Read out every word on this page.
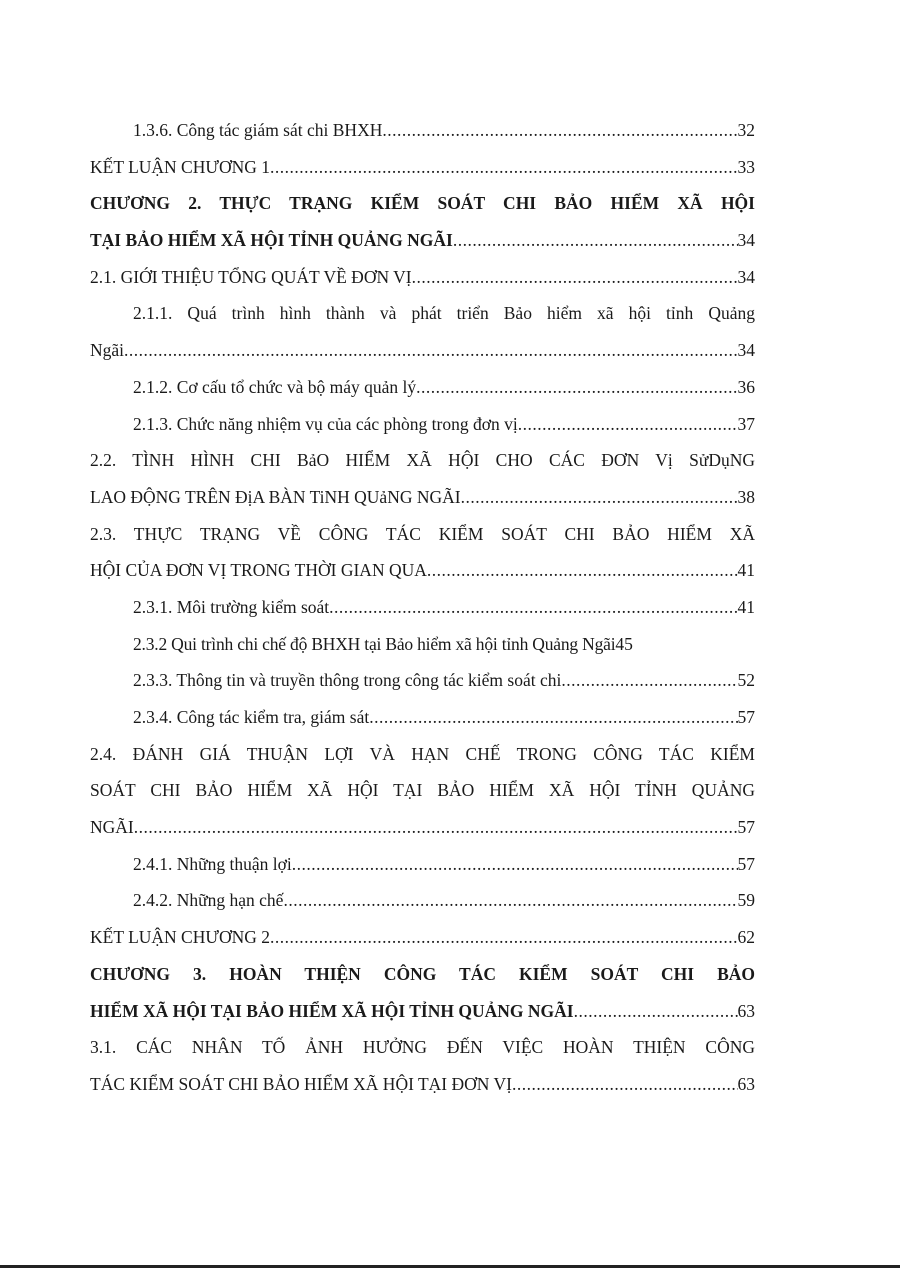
1.3.6. Công tác giám sát chi BHXH .....	32
KẾT LUẬN CHƯƠNG 1 .....	33
CHƯƠNG 2. THỰC TRẠNG KIỂM SOÁT CHI BẢO HIỂM XÃ HỘI
TẠI BẢO HIỂM XÃ HỘI TỈNH QUẢNG NGÃI .....	34
2.1. GIỚI THIỆU TỔNG QUÁT VỀ ĐƠN VỊ .....	34
2.1.1. Quá trình hình thành và phát triển Bảo hiểm xã hội tỉnh Quảng
Ngãi .....	34
2.1.2. Cơ cấu tổ chức và bộ máy quản lý .....	36
2.1.3. Chức năng nhiệm vụ của các phòng trong đơn vị .....	37
2.2. TÌNH HÌNH CHI BảO HIỂM XÃ HỘI CHO CÁC ĐƠN Vị SửDụNG
LAO ĐỘNG TRÊN ĐịA BÀN TiNH QUảNG NGÃI .....	38
2.3. THỰC TRẠNG VỀ CÔNG TÁC KIỂM SOÁT CHI BẢO HIỂM XÃ
HỘI CỦA ĐƠN VỊ TRONG THỜI GIAN QUA .....	41
2.3.1. Môi trường kiểm soát .....	41
2.3.2 Qui trình chi chế độ BHXH tại Bảo hiểm xã hội tỉnh Quảng Ngãi 45
2.3.3. Thông tin và truyền thông trong công tác kiểm soát chi .....	52
2.3.4. Công tác kiểm tra, giám sát .....	57
2.4. ĐÁNH GIÁ THUẬN LỢI VÀ HẠN CHẾ TRONG CÔNG TÁC KIỂM
SOÁT CHI BẢO HIỂM XÃ HỘI TẠI BẢO HIỂM XÃ HỘI TỈNH QUẢNG
NGÃI .....	57
2.4.1. Những thuận lợi .....	57
2.4.2. Những hạn chế .....	59
KẾT LUẬN CHƯƠNG 2 .....	62
CHƯƠNG 3. HOÀN THIỆN CÔNG TÁC KIỂM SOÁT CHI BẢO
HIỂM XÃ HỘI TẠI BẢO HIỂM XÃ HỘI TỈNH QUẢNG NGÃI .....	63
3.1. CÁC NHÂN TỐ ẢNH HƯỞNG ĐẾN VIỆC HOÀN THIỆN CÔNG
TÁC KIỂM SOÁT CHI BẢO HIỂM XÃ HỘI TẠI ĐƠN VỊ .....	63
